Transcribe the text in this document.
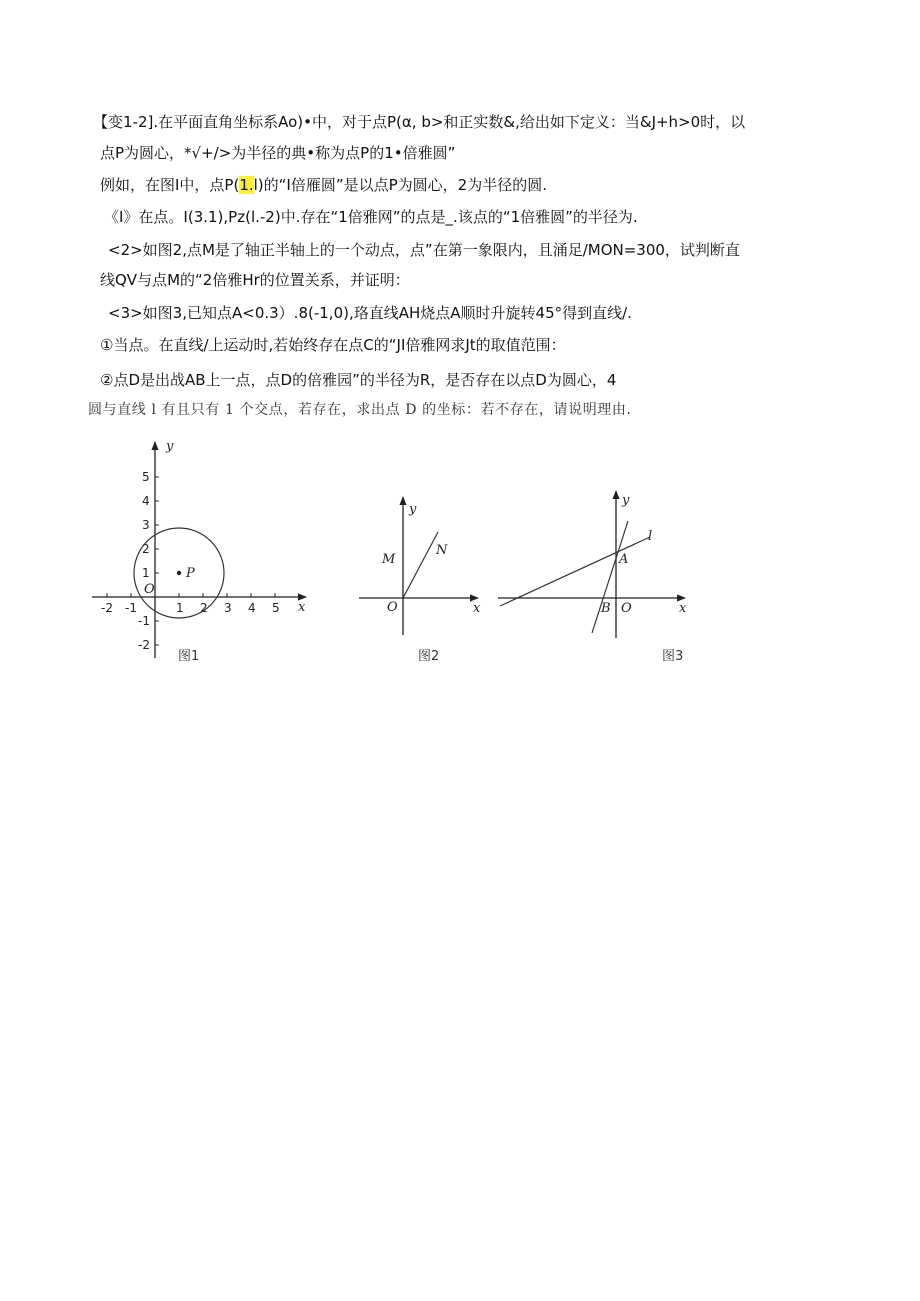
【变1-2].在平面直角坐标系Ao)•中，对于点P(α, b>和正实数&,给出如下定义：当&J+h>0时，以
点P为圆心，*√+/>为半径的典•称为点P的1•倍雅圆”
例如，在图I中，点P(1.l)的“I倍雁圆”是以点P为圆心，2为半径的圆.
《I》在点。I(3.1),Pz(l.-2)中.存在“1倍雅网”的点是_.该点的“1倍雅圆”的半径为.
<2>如图2,点M是了轴正半轴上的一个动点，点”在第一象限内，且涌足/MON=300，试判断直
线QV与点M的“2倍雅Hr的位置关系，并证明：
<3>如图3,已知点A<0.3）.8(-1,0),珞直线AH烧点A顺时升旋转45°得到直线/.
①当点。在直线/上运动时,若始终存在点C的“JI倍雅网求Jt的取值范围：
②点D是出战AB上一点，点D的倍雅园”的半径为R，是否存在以点D为圆心，4
圆与直线 l 有且只有 1 个交点，若存在，求出点 D 的坐标：若不存在，请说明理由．
-2 -1	1 2 3 4 5
5
4
3
2
1
-1
-2
y
x
O
P
图1
y
x
O
M
N
图2
y
x
O
A
B
l
图3
